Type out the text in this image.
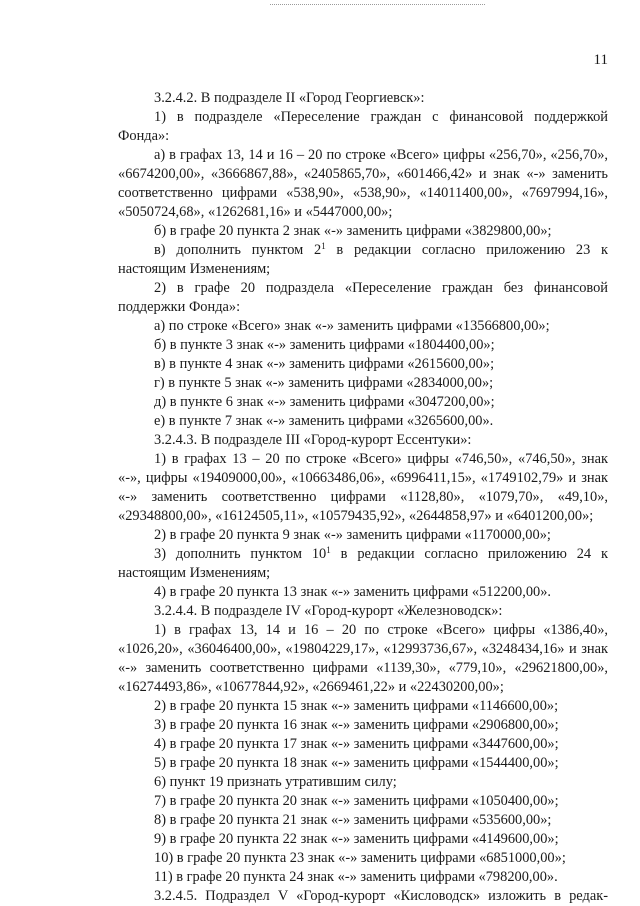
11

3.2.4.2. В подразделе II «Город Георгиевск»:

1) в подразделе «Переселение граждан с финансовой поддержкой Фонда»:

а) в графах 13, 14 и 16 – 20 по строке «Всего» цифры «256,70», «256,70», «6674200,00», «3666867,88», «2405865,70», «601466,42» и знак «-» заменить соответственно цифрами «538,90», «538,90», «14011400,00», «7697994,16», «5050724,68», «1262681,16» и «5447000,00»;

б) в графе 20 пункта 2 знак «-» заменить цифрами «3829800,00»;

в) дополнить пунктом $2^1$ в редакции согласно приложению 23 к настоящим Изменениям;

2) в графе 20 подраздела «Переселение граждан без финансовой поддержки Фонда»:

а) по строке «Всего» знак «-» заменить цифрами «13566800,00»;

б) в пункте 3 знак «-» заменить цифрами «1804400,00»;

в) в пункте 4 знак «-» заменить цифрами «2615600,00»;

г) в пункте 5 знак «-» заменить цифрами «2834000,00»;

д) в пункте 6 знак «-» заменить цифрами «3047200,00»;

е) в пункте 7 знак «-» заменить цифрами «3265600,00».

3.2.4.3. В подразделе III «Город-курорт Ессентуки»:

1) в графах 13 – 20 по строке «Всего» цифры «746,50», «746,50», знак «-», цифры «19409000,00», «10663486,06», «6996411,15», «1749102,79» и знак «-» заменить соответственно цифрами «1128,80», «1079,70», «49,10», «29348800,00», «16124505,11», «10579435,92», «2644858,97» и «6401200,00»;

2) в графе 20 пункта 9 знак «-» заменить цифрами «1170000,00»;

3) дополнить пунктом $10^1$ в редакции согласно приложению 24 к настоящим Изменениям;

4) в графе 20 пункта 13 знак «-» заменить цифрами «512200,00».

3.2.4.4. В подразделе IV «Город-курорт «Железноводск»:

1) в графах 13, 14 и 16 – 20 по строке «Всего» цифры «1386,40», «1026,20», «36046400,00», «19804229,17», «12993736,67», «3248434,16» и знак «-» заменить соответственно цифрами «1139,30», «779,10», «29621800,00», «16274493,86», «10677844,92», «2669461,22» и «22430200,00»;

2) в графе 20 пункта 15 знак «-» заменить цифрами «1146600,00»;

3) в графе 20 пункта 16 знак «-» заменить цифрами «2906800,00»;

4) в графе 20 пункта 17 знак «-» заменить цифрами «3447600,00»;

5) в графе 20 пункта 18 знак «-» заменить цифрами «1544400,00»;

6) пункт 19 признать утратившим силу;

7) в графе 20 пункта 20 знак «-» заменить цифрами «1050400,00»;

8) в графе 20 пункта 21 знак «-» заменить цифрами «535600,00»;

9) в графе 20 пункта 22 знак «-» заменить цифрами «4149600,00»;

10) в графе 20 пункта 23 знак «-» заменить цифрами «6851000,00»;

11) в графе 20 пункта 24 знак «-» заменить цифрами «798200,00».

3.2.4.5. Подраздел V «Город-курорт «Кисловодск» изложить в редак-
